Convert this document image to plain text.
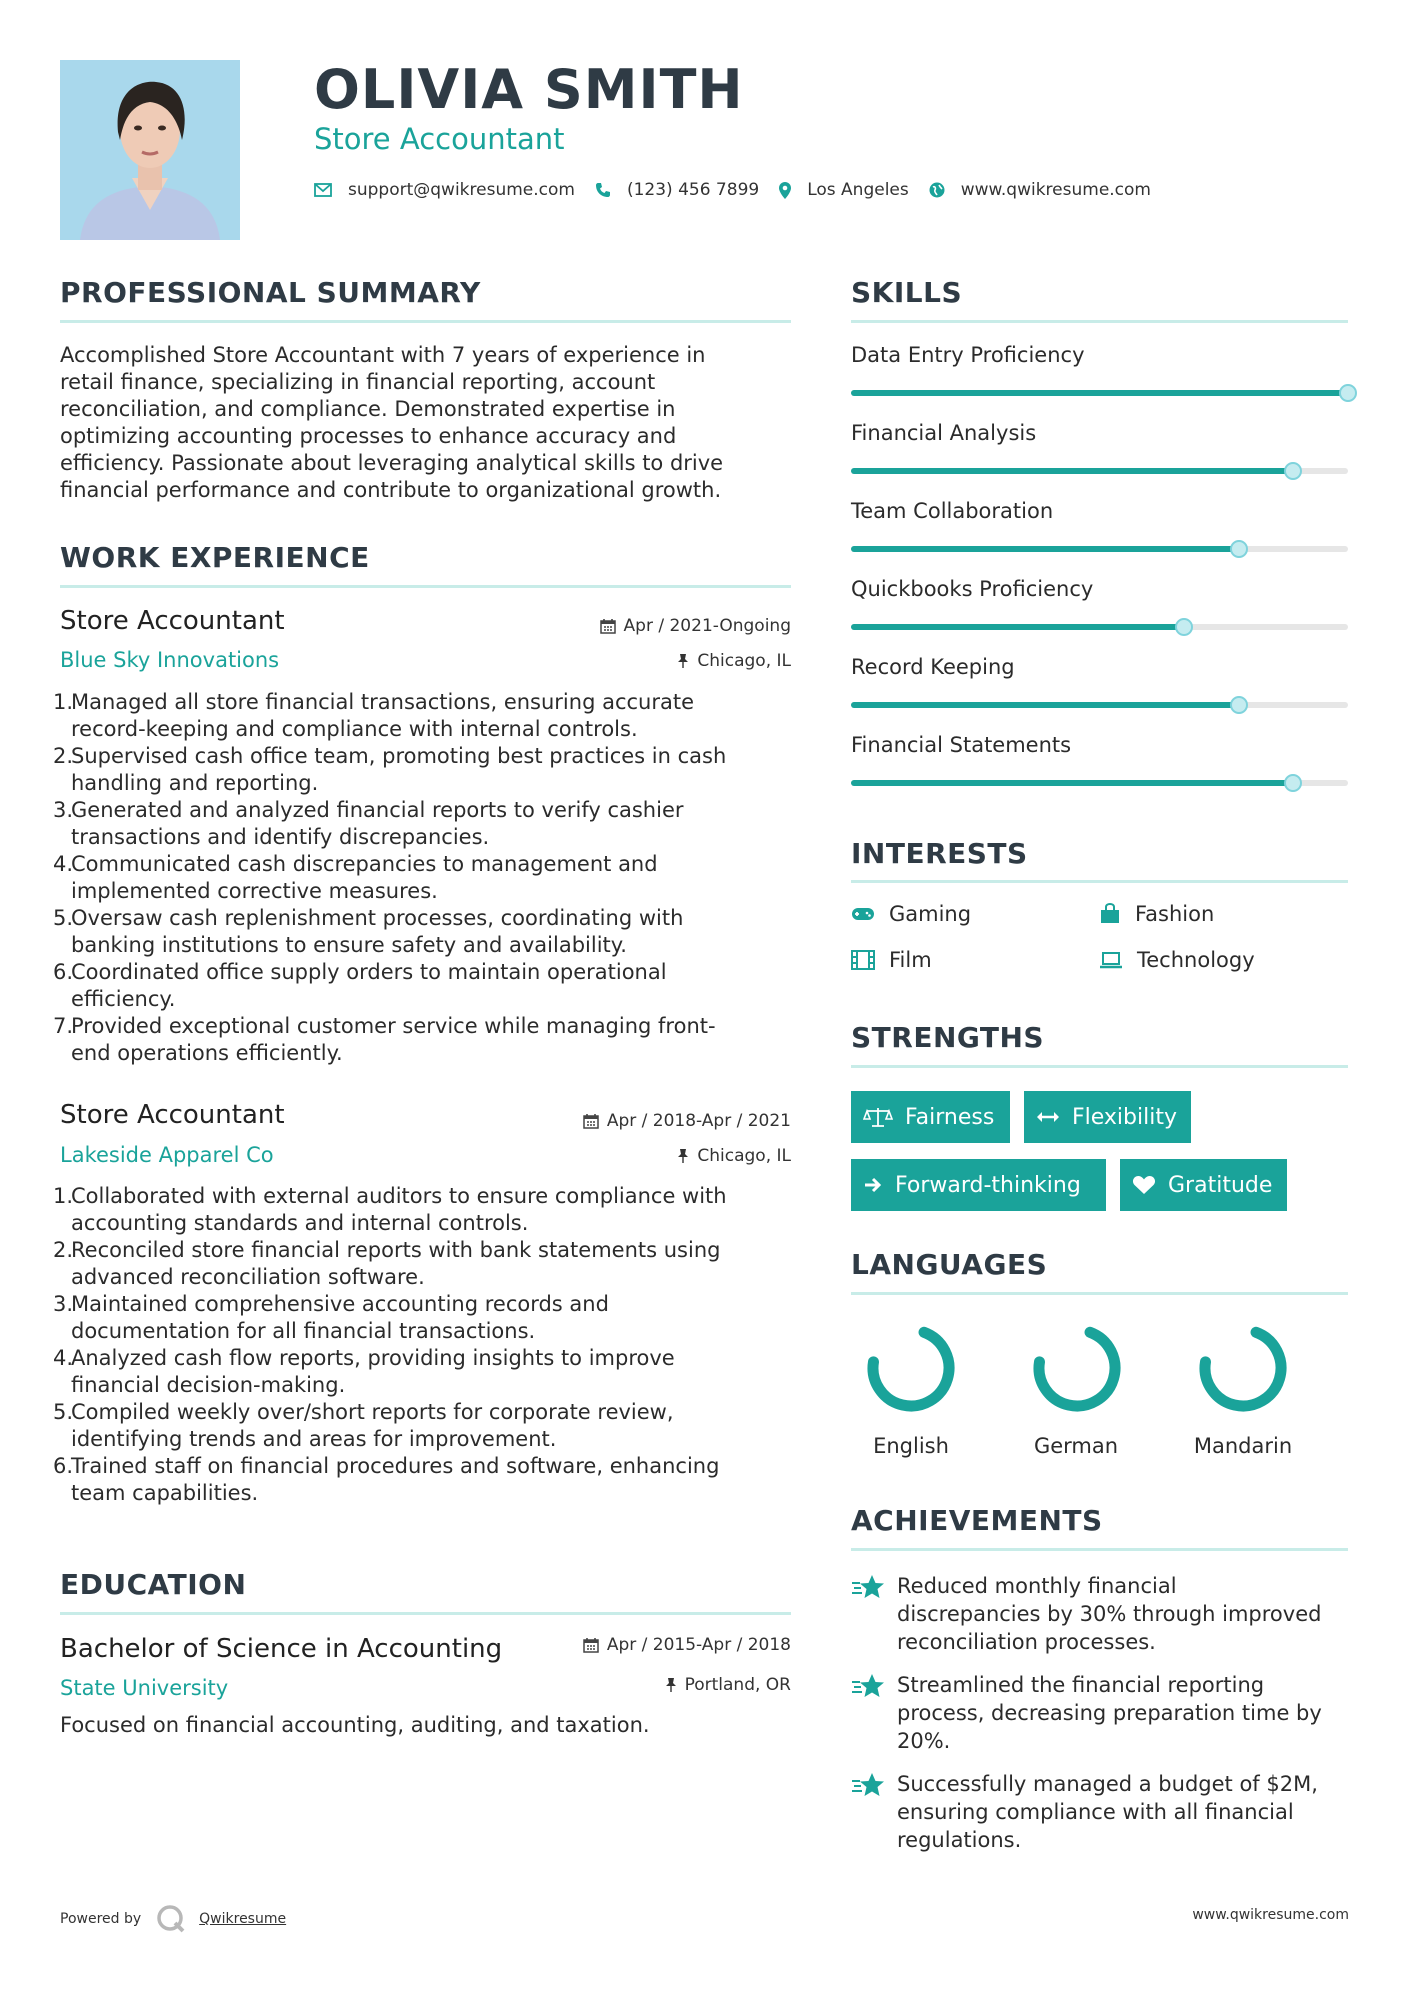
OLIVIA SMITH
Store Accountant
support@qwikresume.com	(123) 456 7899	Los Angeles	www.qwikresume.com
PROFESSIONAL SUMMARY
Accomplished Store Accountant with 7 years of experience in
retail finance, specializing in financial reporting, account
reconciliation, and compliance. Demonstrated expertise in
optimizing accounting processes to enhance accuracy and
efficiency. Passionate about leveraging analytical skills to drive
financial performance and contribute to organizational growth.
WORK EXPERIENCE
Store Accountant	Apr / 2021-Ongoing
Blue Sky Innovations	Chicago, IL
1.
Managed all store financial transactions, ensuring accurate
record-keeping and compliance with internal controls.
2.
Supervised cash office team, promoting best practices in cash
handling and reporting.
3.
Generated and analyzed financial reports to verify cashier
transactions and identify discrepancies.
4.
Communicated cash discrepancies to management and
implemented corrective measures.
5.
Oversaw cash replenishment processes, coordinating with
banking institutions to ensure safety and availability.
6.
Coordinated office supply orders to maintain operational
efficiency.
7.
Provided exceptional customer service while managing front-
end operations efficiently.
Store Accountant	Apr / 2018-Apr / 2021
Lakeside Apparel Co	Chicago, IL
1.
Collaborated with external auditors to ensure compliance with
accounting standards and internal controls.
2.
Reconciled store financial reports with bank statements using
advanced reconciliation software.
3.
Maintained comprehensive accounting records and
documentation for all financial transactions.
4.
Analyzed cash flow reports, providing insights to improve
financial decision-making.
5.
Compiled weekly over/short reports for corporate review,
identifying trends and areas for improvement.
6.
Trained staff on financial procedures and software, enhancing
team capabilities.
EDUCATION
Bachelor of Science in Accounting	Apr / 2015-Apr / 2018
State University	Portland, OR
Focused on financial accounting, auditing, and taxation.
SKILLS
Data Entry Proficiency
Financial Analysis
Team Collaboration
Quickbooks Proficiency
Record Keeping
Financial Statements
INTERESTS
Gaming	Fashion
Film	Technology
STRENGTHS
Fairness	Flexibility
Forward-thinking	Gratitude
LANGUAGES
English	German	Mandarin
ACHIEVEMENTS
Reduced monthly financial
discrepancies by 30% through improved
reconciliation processes.
Streamlined the financial reporting
process, decreasing preparation time by
20%.
Successfully managed a budget of $2M,
ensuring compliance with all financial
regulations.
Powered by	Qwikresume	www.qwikresume.com
